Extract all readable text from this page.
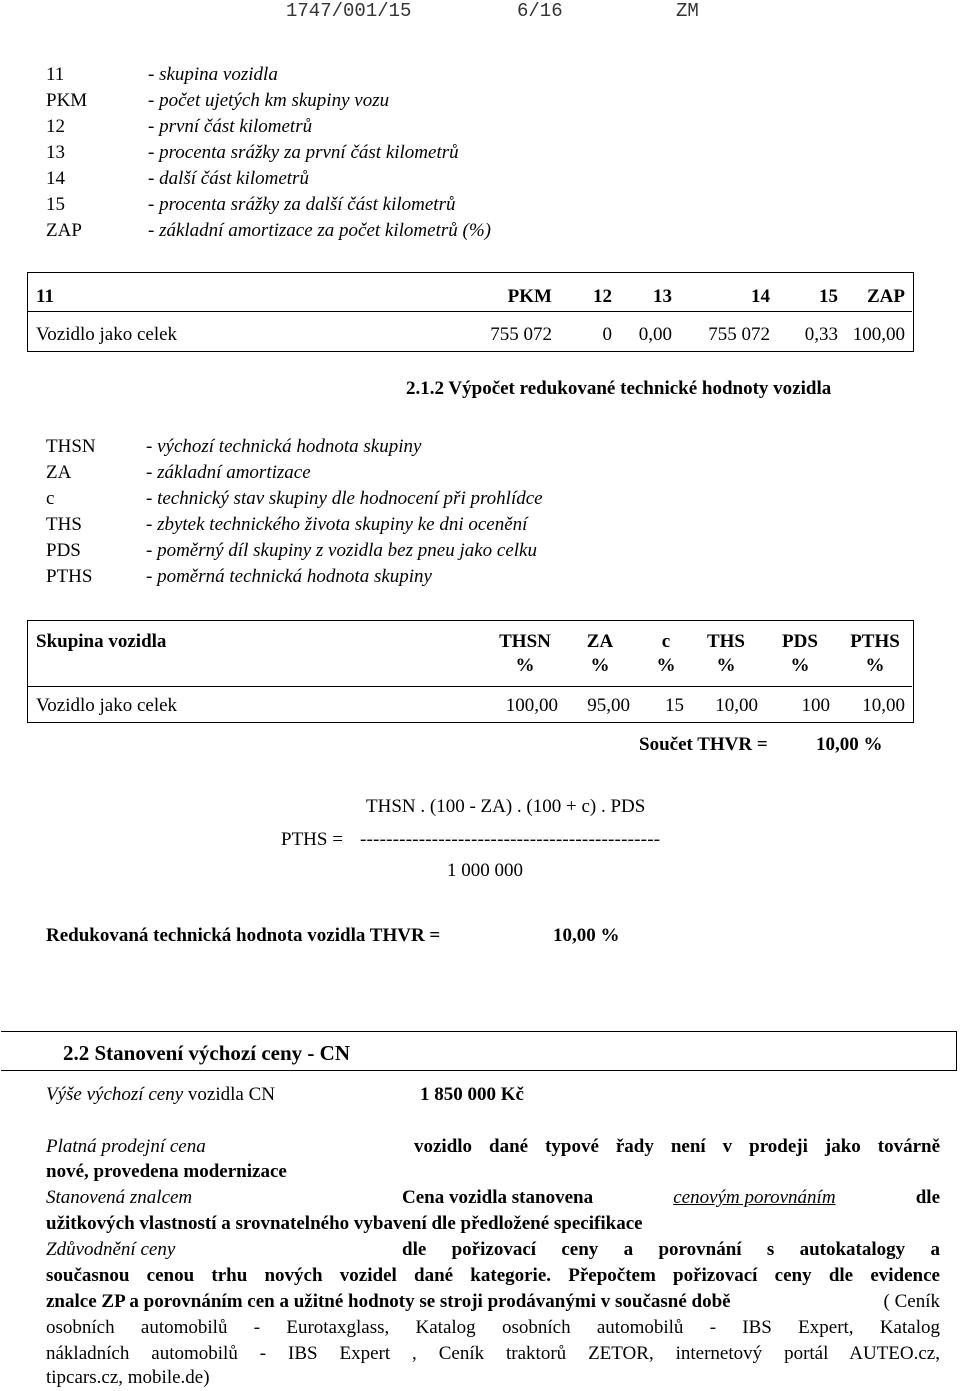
1747/001/15	6/16	ZM
11	- skupina vozidla
PKM	- počet ujetých km skupiny vozu
12	- první část kilometrů
13	- procenta srážky za první část kilometrů
14	- další část kilometrů
15	- procenta srážky za další část kilometrů
ZAP	- základní amortizace za počet kilometrů (%)
11	PKM	12	13	14	15	ZAP
Vozidlo jako celek	755 072	0	0,00	755 072	0,33 100,00
2.1.2 Výpočet redukované technické hodnoty vozidla
THSN	- výchozí technická hodnota skupiny
ZA	- základní amortizace
c	- technický stav skupiny dle hodnocení při prohlídce
THS	- zbytek technického života skupiny ke dni ocenění
PDS	- poměrný díl skupiny z vozidla bez pneu jako celku
PTHS	- poměrná technická hodnota skupiny
Skupina vozidla	THSN	ZA	c	THS PDS	PTHS
%	%	%	%	%	%
Vozidlo jako celek	100,00	95,00	15	10,00	100	10,00
Součet THVR =	10,00 %
THSN . (100 - ZA) . (100 + c) . PDS
PTHS = ----------------------------------------------
1 000 000
Redukovaná technická hodnota vozidla THVR =	10,00 %
2.2 Stanovení výchozí ceny - CN
Výše výchozí ceny vozidla CN	1 850 000 Kč
Platná prodejní cena	vozidlo dané typové řady není v prodeji jako továrně
nové, provedena modernizace
Stanovená znalcem	Cena vozidla stanovena	cenovým porovnáním	dle
užitkových vlastností a srovnatelného vybavení dle předložené specifikace
Zdůvodnění ceny	dle pořizovací ceny a porovnání s autokatalogy a
současnou cenou trhu nových vozidel dané kategorie. Přepočtem pořizovací ceny dle evidence
znalce ZP a porovnáním cen a užitné hodnoty se stroji prodávanými v současné době	( Ceník
osobních automobilů - Eurotaxglass, Katalog osobních automobilů - IBS Expert, Katalog
nákladních automobilů - IBS Expert , Ceník traktorů ZETOR, internetový portál AUTEO.cz,
tipcars.cz, mobile.de)
